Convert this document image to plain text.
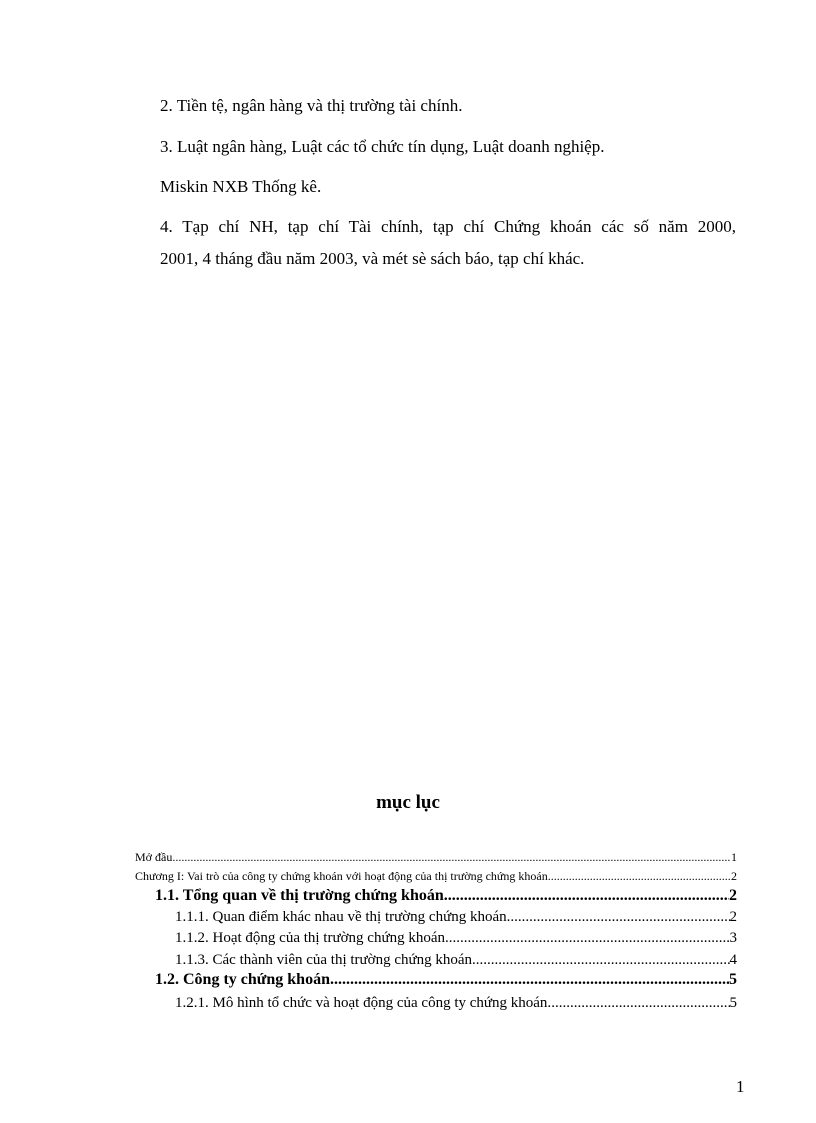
2. Tiền tệ, ngân hàng và thị trường tài chính.
3. Luật ngân hàng, Luật các tổ chức tín dụng, Luật doanh nghiệp.
Miskin NXB Thống kê.
4. Tạp chí NH, tạp chí Tài chính, tạp chí Chứng khoán các số năm 2000,
2001, 4 tháng đầu năm 2003, và mét sè sách báo, tạp chí khác.
mục lục
Mở đầu .....	1
Chương I: Vai trò của công ty chứng khoán với hoạt động của thị trường chứng khoán. .....	2
1.1. Tổng quan về thị trường chứng khoán. .....	2
1.1.1. Quan điểm khác nhau về thị trường chứng khoán. .....	2
1.1.2. Hoạt động của thị trường chứng khoán. .....	3
1.1.3. Các thành viên của thị trường chứng khoán. .....	4
1.2. Công ty chứng khoán. .....	5
1.2.1. Mô hình tổ chức và hoạt động của công ty chứng khoán. .....	5
1
